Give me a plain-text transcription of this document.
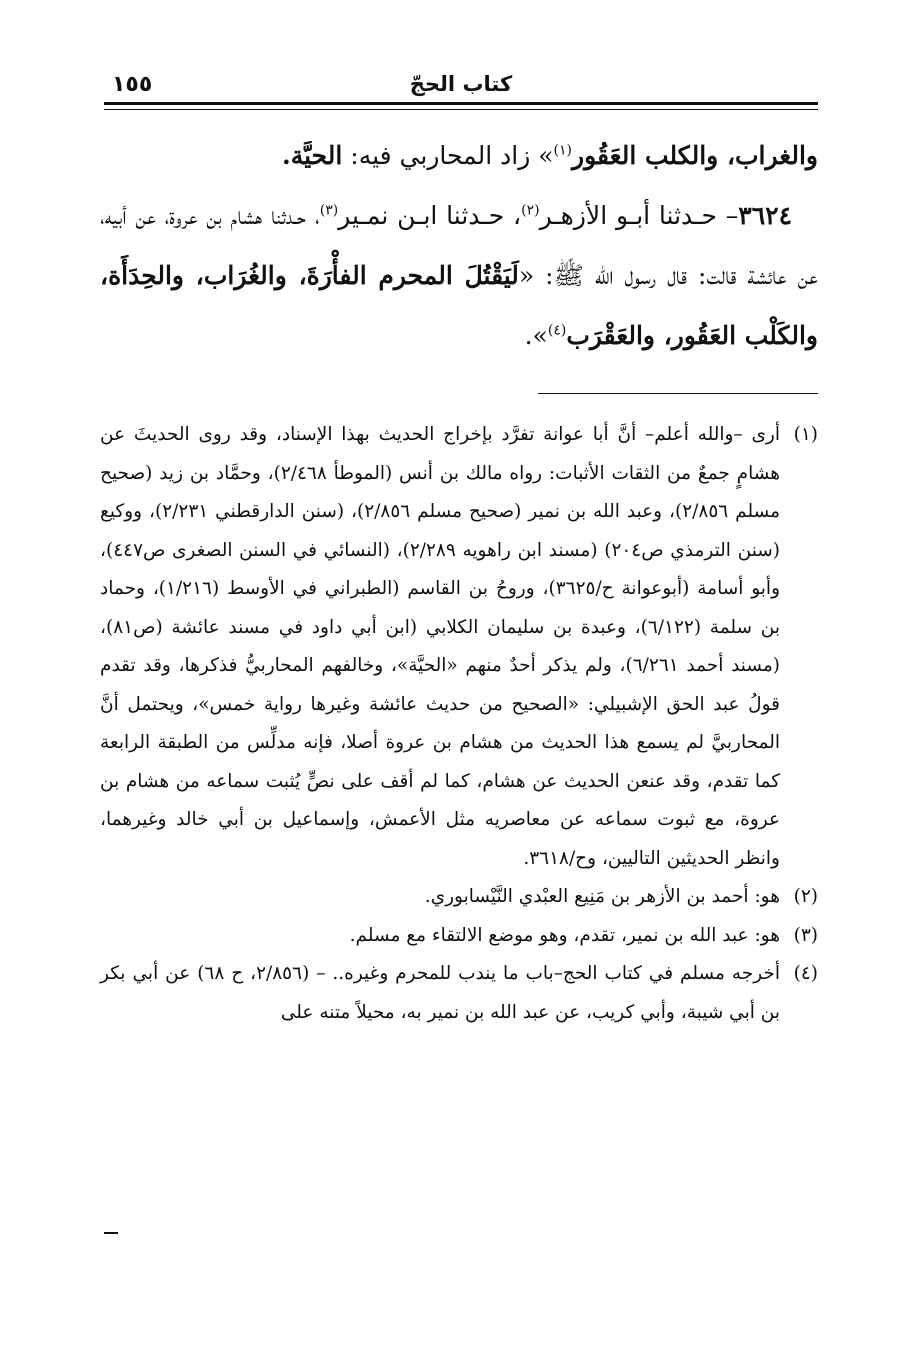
١٥٥	كتاب الحجّ

والغراب، والكلب العَقُور$^{(١)}$» زاد المحاربي فيه: الحيَّة.

٣٦٢٤– حـدثنا أبـو الأزهـر$^{(٢)}$، حـدثنا ابـن نمـير$^{(٣)}$، حـدثنا هشام بن عروة، عن أبيه، عن عائشة قالت: قال رسول الله ﷺ: «لَيَقْتُلَ المحرم الفأْرَةَ، والغُرَاب، والحِدَأَة، والكَلْب العَقُور، والعَقْرَب$^{(٤)}$».

(١)
أرى –والله أعلم– أنَّ أبا عوانة تفرَّد بإخراج الحديث بهذا الإسناد، وقد روى الحديثَ عن هشامٍ جمعٌ من الثقات الأثبات: رواه مالك بن أنس (الموطأ ٢/٤٦٨)، وحمَّاد بن زيد (صحيح مسلم ٢/٨٥٦)، وعبد الله بن نمير (صحيح مسلم ٢/٨٥٦)، (سنن الدارقطني ٢/٢٣١)، ووكيع (سنن الترمذي ص٢٠٤) (مسند ابن راهويه ٢/٢٨٩)، (النسائي في السنن الصغرى ص٤٤٧)، وأبو أسامة (أبوعوانة ح/٣٦٢٥)، وروحُ بن القاسم (الطبراني في الأوسط (١/٢١٦)، وحماد بن سلمة (٦/١٢٢)، وعبدة بن سليمان الكلابي (ابن أبي داود في مسند عائشة (ص٨١)، (مسند أحمد ٦/٢٦١)، ولم يذكر أحدٌ منهم «الحيَّة»، وخالفهم المحاربيُّ فذكرها، وقد تقدم قولُ عبد الحق الإشبيلي: «الصحيح من حديث عائشة وغيرها رواية خمس»، ويحتمل أنَّ المحاربيَّ لم يسمع هذا الحديث من هشام بن عروة أصلا، فإنه مدلِّس من الطبقة الرابعة كما تقدم، وقد عنعن الحديث عن هشام، كما لم أقف على نصٍّ يُثبت سماعه من هشام بن عروة، مع ثبوت سماعه عن معاصريه مثل الأعمش، وإسماعيل بن أبي خالد وغيرهما، وانظر الحديثين التاليين، وح/٣٦١٨.

(٢)
هو: أحمد بن الأزهر بن مَنِيع العبْدي النَّيْسابوري.

(٣)
هو: عبد الله بن نمير، تقدم، وهو موضع الالتقاء مع مسلم.

(٤)
أخرجه مسلم في كتاب الحج–باب ما يندب للمحرم وغيره.. – (٢/٨٥٦، ح ٦٨) عن أبي بكر بن أبي شيبة، وأبي كريب، عن عبد الله بن نمير به، محيلاً متنه على
